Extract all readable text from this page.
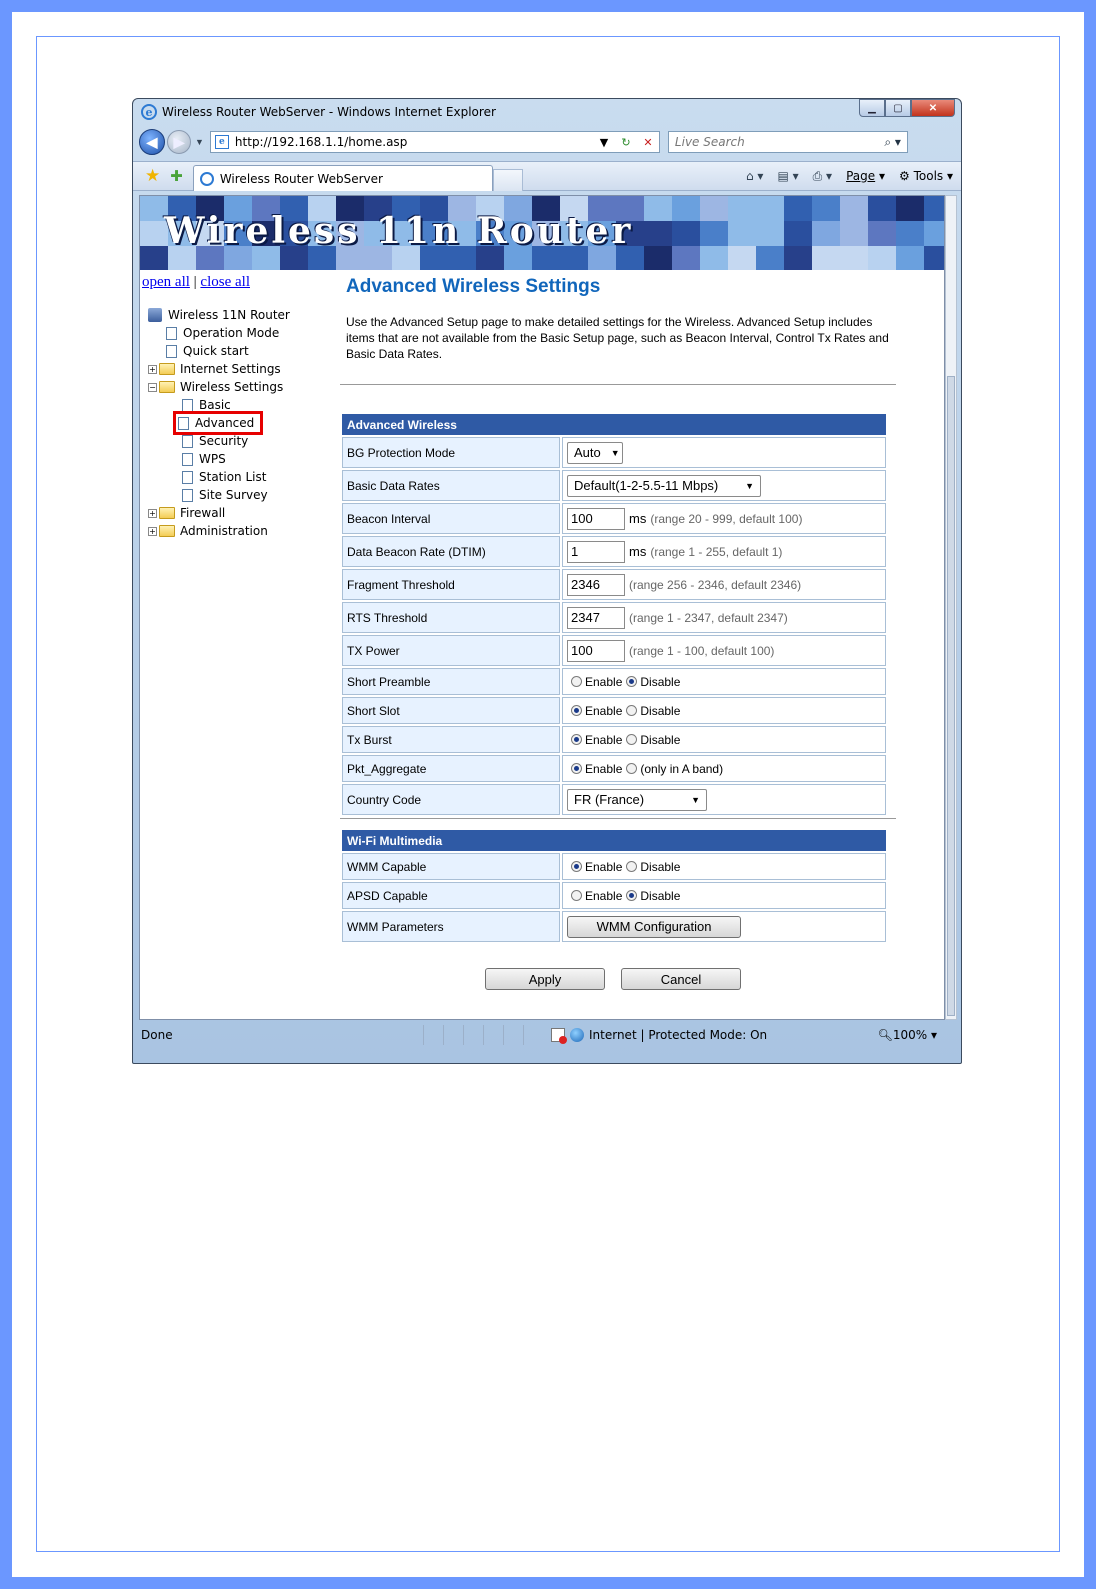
e Wireless Router WebServer - Windows Internet Explorer	▁	▢	✕
◀	▶	▼	e http://192.168.1.1/home.asp	▼	↻	✕	Live Search	⌕ ▾
★ ✚	Wireless Router WebServer	⌂ ▾ ▤ ▾ ⎙ ▾ Page ▾ ⚙ Tools ▾
Wireless 11n Router
open all | close all
Wireless 11N Router
Operation Mode
Quick start
+ Internet Settings
− Wireless Settings
Basic
Advanced
Security
WPS
Station List
Site Survey
+ Firewall
+ Administration
Advanced Wireless Settings
Use the Advanced Setup page to make detailed settings for the Wireless. Advanced Setup includes items that are not available from the Basic Setup page, such as Beacon Interval, Control Tx Rates and Basic Data Rates.
Advanced Wireless	
BG Protection Mode	Auto ▼

Basic Data Rates	Default(1-2-5.5-11 Mbps) ▼

Beacon Interval	100 ms (range 20 - 999, default 100)
Data Beacon Rate (DTIM)	1 ms (range 1 - 255, default 1)
Fragment Threshold	2346 (range 256 - 2346, default 2346)
RTS Threshold	2347 (range 1 - 2347, default 2347)
TX Power	100 (range 1 - 100, default 100)
Short Preamble	Enable Disable
Short Slot	Enable Disable
Tx Burst	Enable Disable
Pkt_Aggregate	Enable (only in A band)
Country Code	FR (France) ▼
Wi-Fi Multimedia	
WMM Capable	Enable Disable
APSD Capable	Enable Disable
WMM Parameters	WMM Configuration
Apply	Cancel
Done	Internet | Protected Mode: On	🔍︎100% ▾
